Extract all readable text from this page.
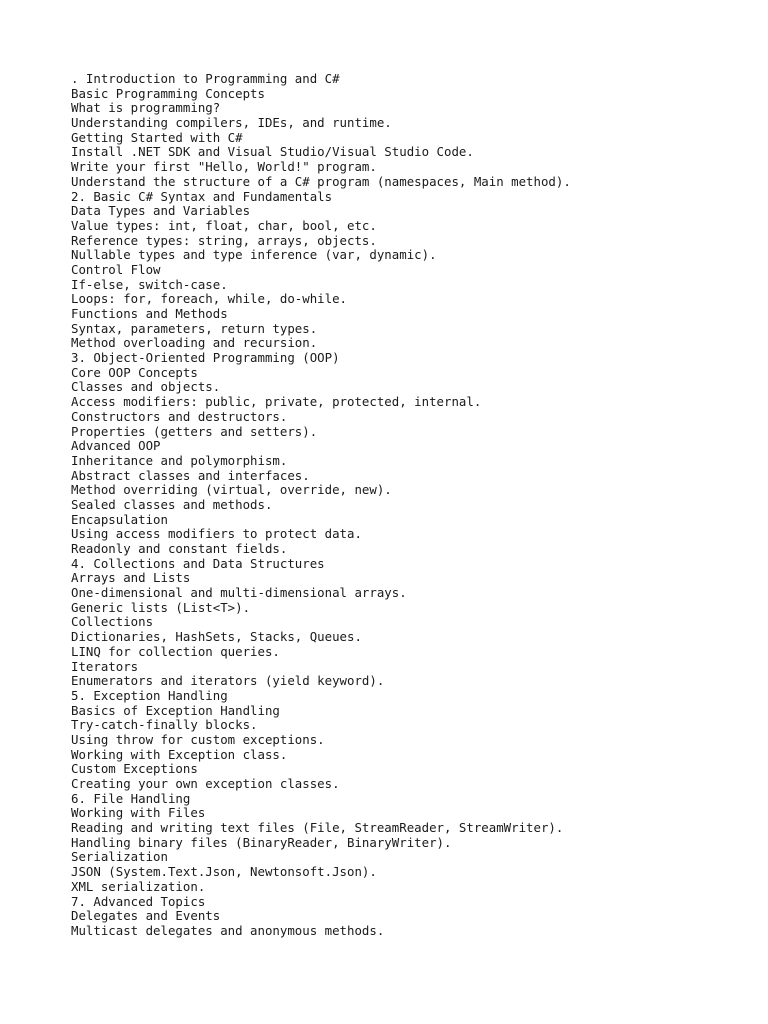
. Introduction to Programming and C#
Basic Programming Concepts
What is programming?
Understanding compilers, IDEs, and runtime.
Getting Started with C#
Install .NET SDK and Visual Studio/Visual Studio Code.
Write your first "Hello, World!" program.
Understand the structure of a C# program (namespaces, Main method).
2. Basic C# Syntax and Fundamentals
Data Types and Variables
Value types: int, float, char, bool, etc.
Reference types: string, arrays, objects.
Nullable types and type inference (var, dynamic).
Control Flow
If-else, switch-case.
Loops: for, foreach, while, do-while.
Functions and Methods
Syntax, parameters, return types.
Method overloading and recursion.
3. Object-Oriented Programming (OOP)
Core OOP Concepts
Classes and objects.
Access modifiers: public, private, protected, internal.
Constructors and destructors.
Properties (getters and setters).
Advanced OOP
Inheritance and polymorphism.
Abstract classes and interfaces.
Method overriding (virtual, override, new).
Sealed classes and methods.
Encapsulation
Using access modifiers to protect data.
Readonly and constant fields.
4. Collections and Data Structures
Arrays and Lists
One-dimensional and multi-dimensional arrays.
Generic lists (List<T>).
Collections
Dictionaries, HashSets, Stacks, Queues.
LINQ for collection queries.
Iterators
Enumerators and iterators (yield keyword).
5. Exception Handling
Basics of Exception Handling
Try-catch-finally blocks.
Using throw for custom exceptions.
Working with Exception class.
Custom Exceptions
Creating your own exception classes.
6. File Handling
Working with Files
Reading and writing text files (File, StreamReader, StreamWriter).
Handling binary files (BinaryReader, BinaryWriter).
Serialization
JSON (System.Text.Json, Newtonsoft.Json).
XML serialization.
7. Advanced Topics
Delegates and Events
Multicast delegates and anonymous methods.
